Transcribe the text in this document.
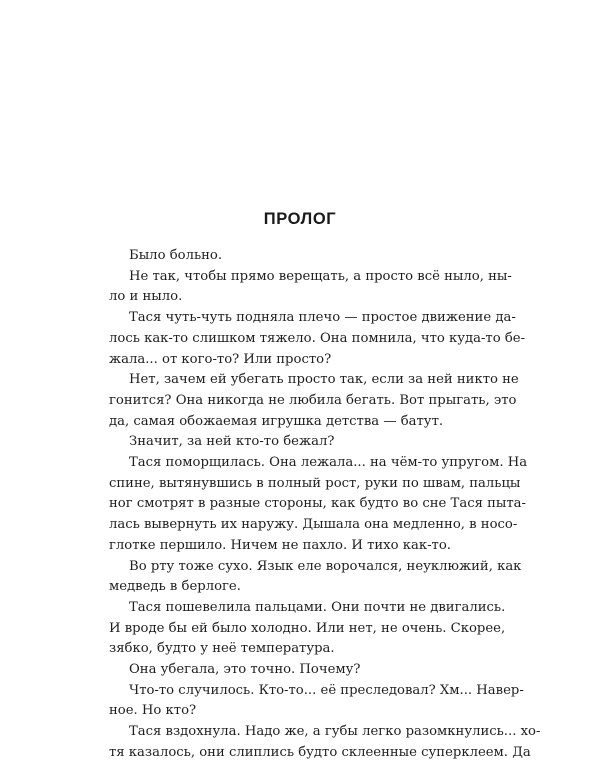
ПРОЛОГ

Было больно.

Не так, чтобы прямо верещать, а просто всё ныло, ны-

ло и ныло.

Тася чуть-чуть подняла плечо — простое движение да-

лось как-то слишком тяжело. Она помнила, что куда-то бе-

жала... от кого-то? Или просто?

Нет, зачем ей убегать просто так, если за ней никто не

гонится? Она никогда не любила бегать. Вот прыгать, это

да, самая обожаемая игрушка детства — батут.

Значит, за ней кто-то бежал?

Тася поморщилась. Она лежала... на чём-то упругом. На

спине, вытянувшись в полный рост, руки по швам, пальцы

ног смотрят в разные стороны, как будто во сне Тася пыта-

лась вывернуть их наружу. Дышала она медленно, в носо-

глотке першило. Ничем не пахло. И тихо как-то.

Во рту тоже сухо. Язык еле ворочался, неуклюжий, как

медведь в берлоге.

Тася пошевелила пальцами. Они почти не двигались.

И вроде бы ей было холодно. Или нет, не очень. Скорее,

зябко, будто у неё температура.

Она убегала, это точно. Почему?

Что-то случилось. Кто-то... её преследовал? Хм... Навер-

ное. Но кто?

Тася вздохнула. Надо же, а губы легко разомкнулись... хо-

тя казалось, они слиплись будто склеенные суперклеем. Да
